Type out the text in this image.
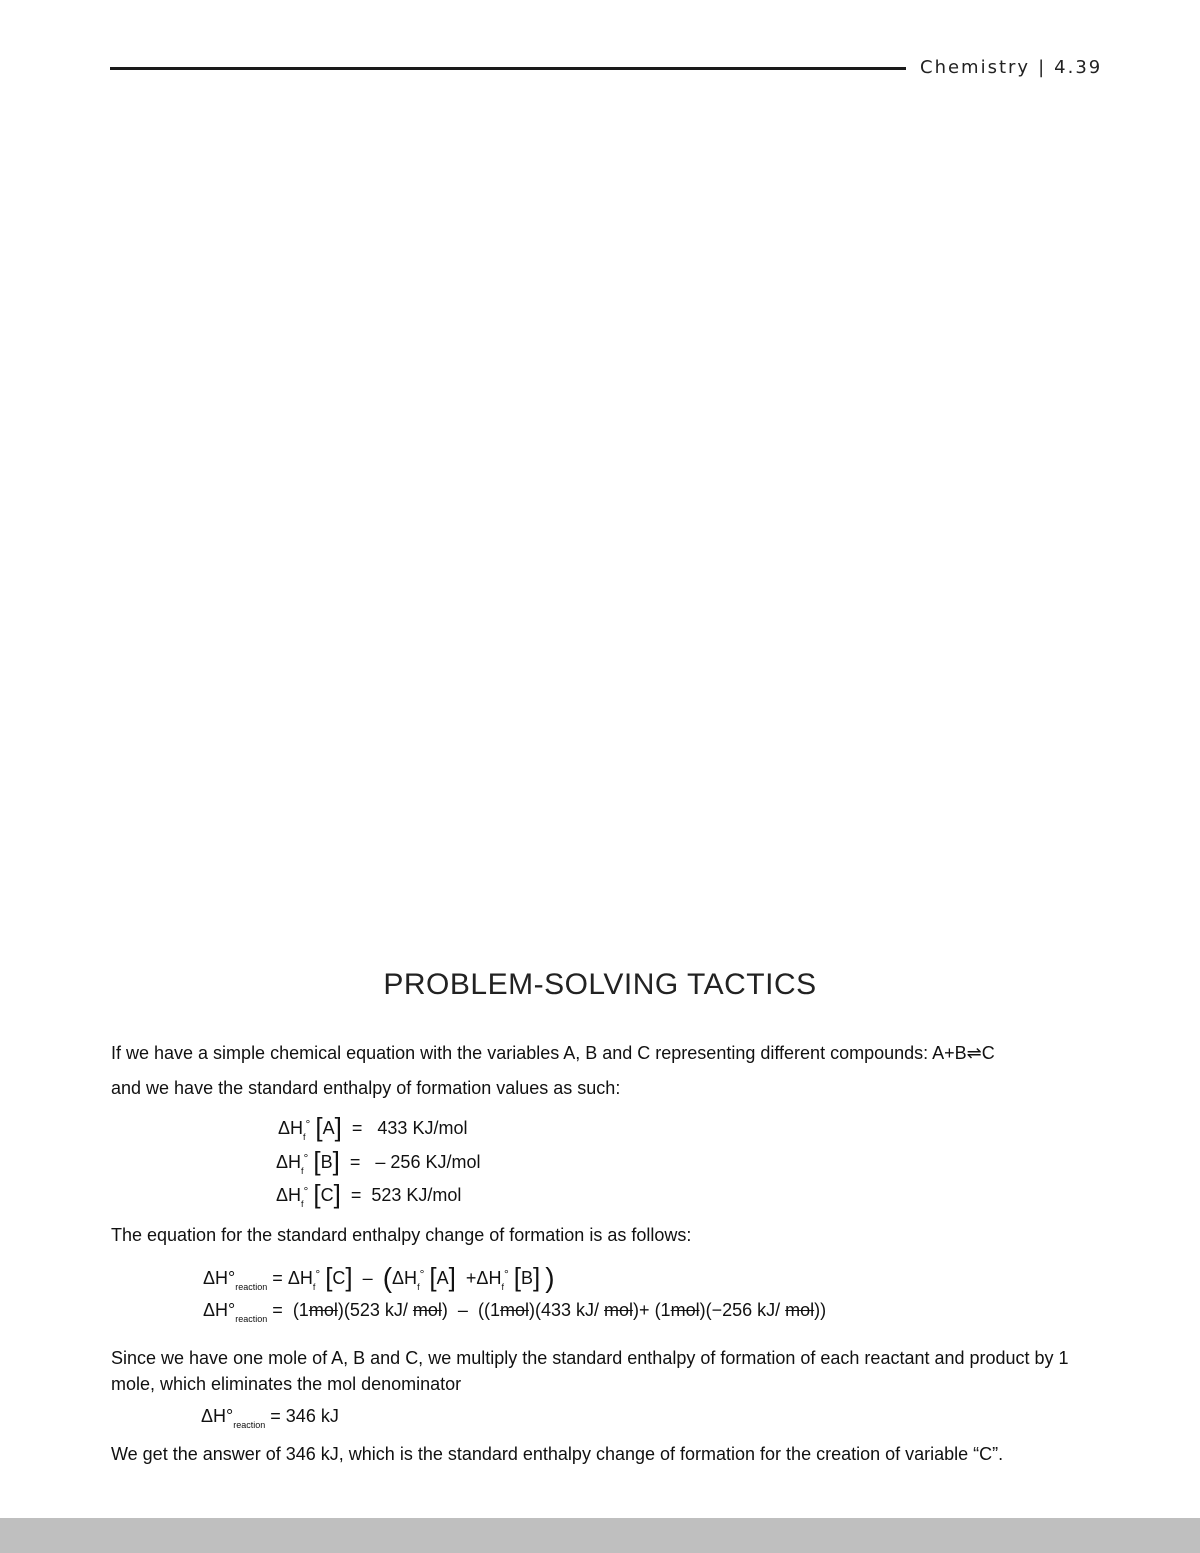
Chemistry | 4.39
PROBLEM-SOLVING TACTICS
If we have a simple chemical equation with the variables A, B and C representing different compounds: A+B⇌C
and we have the standard enthalpy of formation values as such:
$\Delta H_f^\circ$ [A] = 433 KJ/mol
$\Delta H_f^\circ$ [B] = – 256 KJ/mol
$\Delta H_f^\circ$ [C] = 523 KJ/mol
The equation for the standard enthalpy change of formation is as follows:
$\Delta H^\circ_{reaction} = \Delta H_f^\circ$ $[C] - (\Delta H_f^\circ$ $[A] +\Delta H_f^\circ$ [B] )
$\Delta H^\circ_{reaction} = (1mol)(523$ kJ/ mol) – ((1mol)(433 kJ/ mol)+ (1mol)(−256 kJ/ mol))
Since we have one mole of A, B and C, we multiply the standard enthalpy of formation of each reactant and product by 1 mole, which eliminates the mol denominator
$\Delta H^\circ_{reaction} = 346$ kJ
We get the answer of 346 kJ, which is the standard enthalpy change of formation for the creation of variable “C”.
